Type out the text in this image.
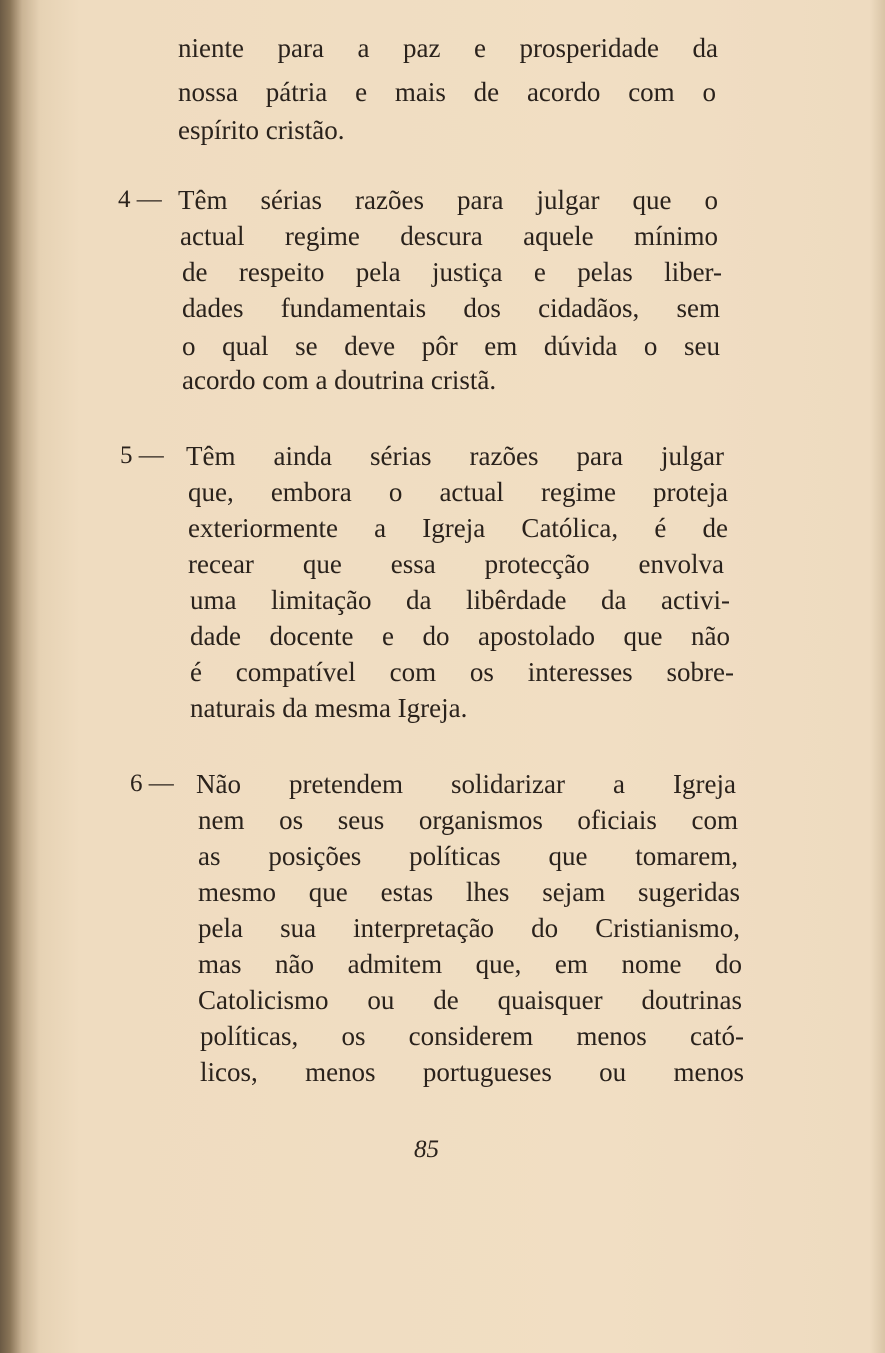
niente para a paz e prosperidade da
nossa pátria e mais de acordo com o
espírito cristão.
4 — Têm sérias razões para julgar que o
actual regime descura aquele mínimo
de respeito pela justiça e pelas liber-
dades fundamentais dos cidadãos, sem
o qual se deve pôr em dúvida o seu
acordo com a doutrina cristã.
5 — Têm ainda sérias razões para julgar
que, embora o actual regime proteja
exteriormente a Igreja Católica, é de
recear que essa protecção envolva
uma limitação da libêrdade da activi-
dade docente e do apostolado que não
é compatível com os interesses sobre-
naturais da mesma Igreja.
6 — Não pretendem solidarizar a Igreja
nem os seus organismos oficiais com
as posições políticas que tomarem,
mesmo que estas lhes sejam sugeridas
pela sua interpretação do Cristianismo,
mas não admitem que, em nome do
Catolicismo ou de quaisquer doutrinas
políticas, os considerem menos cató-
licos, menos portugueses ou menos
85
